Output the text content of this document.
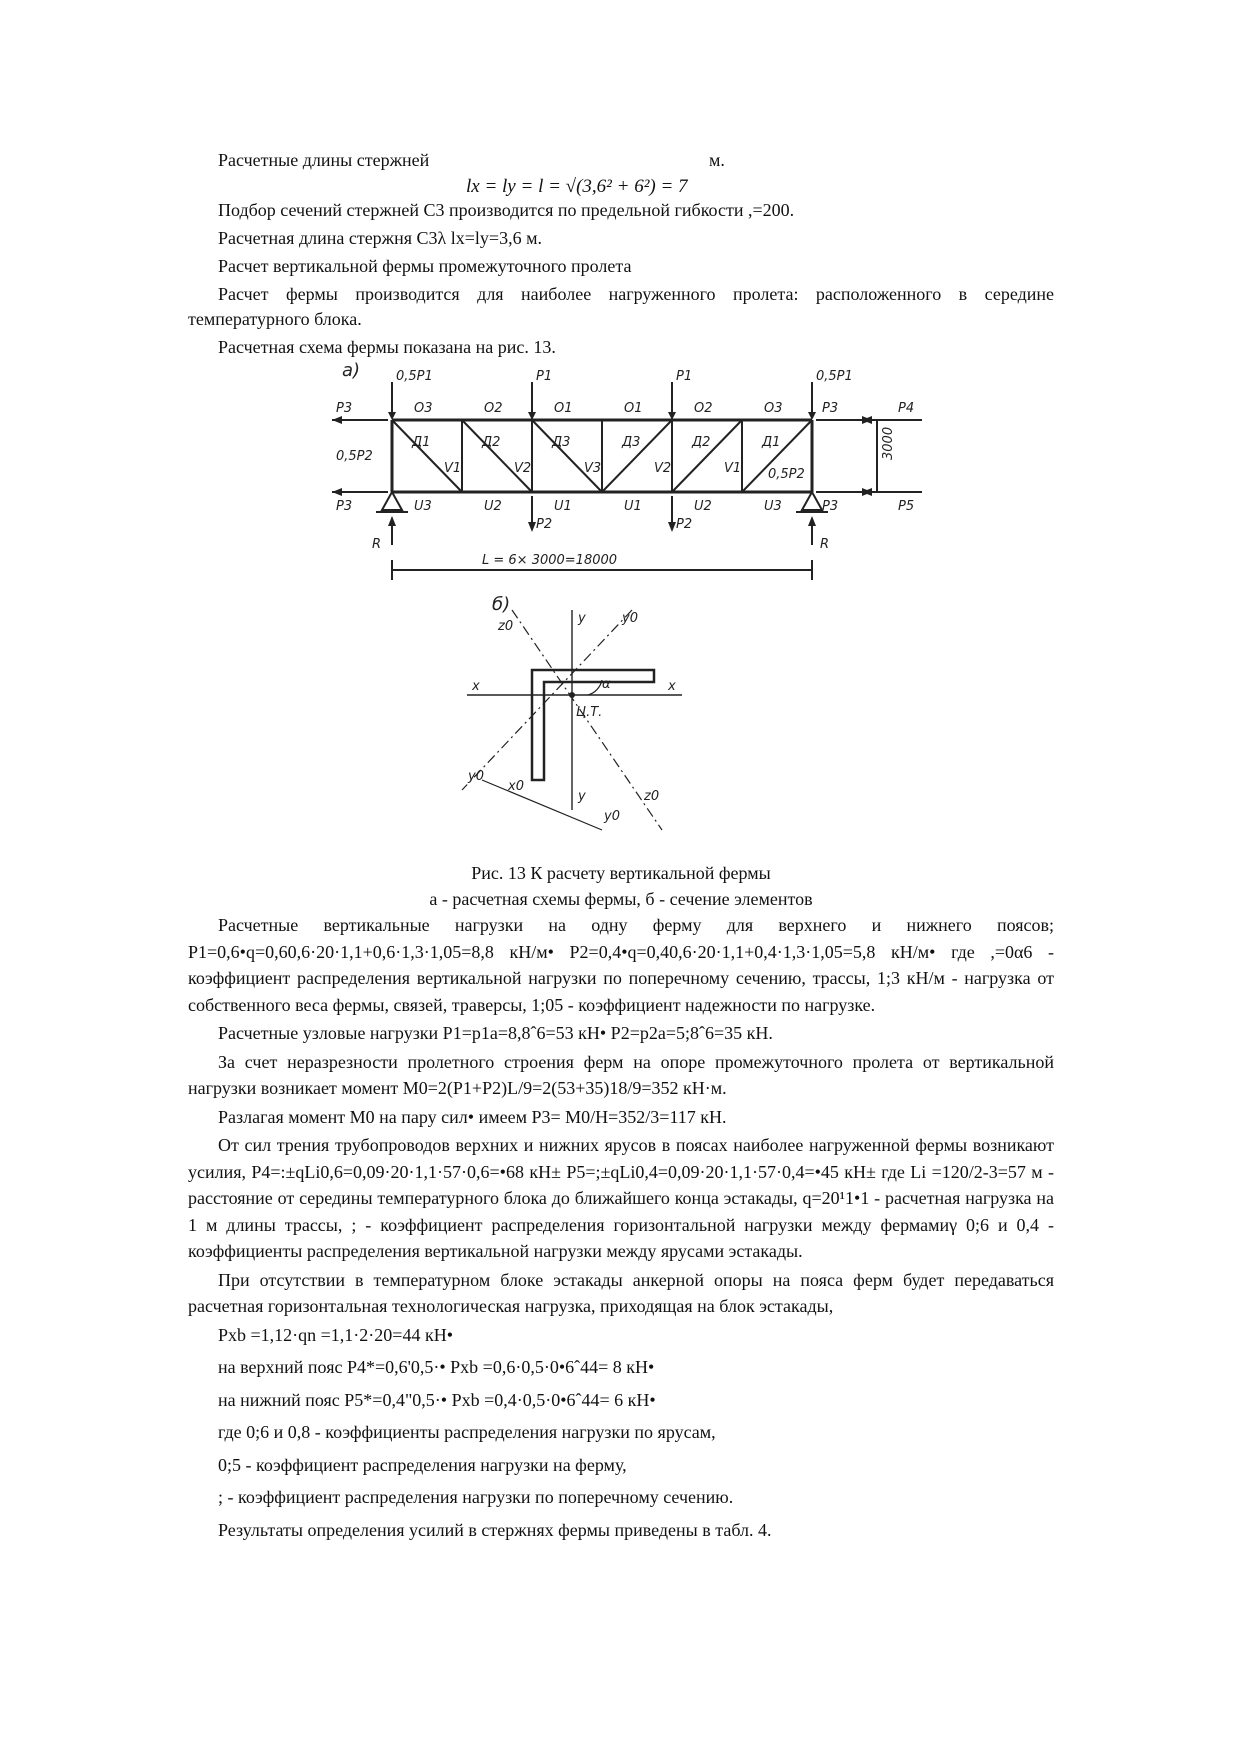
Расчетные длины стержней	м.
lx = ly = l = √(3,6² + 6²) = 7

Подбор сечений стержней C3 производится по предельной гибкости ,=200.

Расчетная длина стержня C3λ lx=ly=3,6 м.

Расчет вертикальной фермы промежуточного пролета

Расчет фермы производится для наиболее нагруженного пролета: расположенного в середине температурного блока.

Расчетная схема фермы показана на рис. 13.

а)	0,5P1	P1	P1	0,5P1
O3	O2	O1	O1	O2	O3
U3	U2	U1	U1	U2	U3
Д1	Д2	Д3	Д3	Д2	Д1
V1	V2	V3	V2	V1
P3
P3
0,5P2
0,5P2
P3
P3
P4
P5
3000
P2	P2
R	R
L = 6× 3000=18000
б)
y
y
y0
y0
x	x
z0
z0
x0
y0
α
Ц.Т.
Рис. 13 К расчету вертикальной фермы
а - расчетная схемы фермы, б - сечение элементов

Расчетные вертикальные нагрузки на одну ферму для верхнего и нижнего поясов; P1=0,6•q=0,60,6·20·1,1+0,6·1,3·1,05=8,8 кН/м• P2=0,4•q=0,40,6·20·1,1+0,4·1,3·1,05=5,8 кН/м• где ,=0α6 - коэффициент распределения вертикальной нагрузки по поперечному сечению, трассы, 1;3 кН/м - нагрузка от собственного веса фермы, связей, траверсы, 1;05 - коэффициент надежности по нагрузке.

Расчетные узловые нагрузки P1=p1a=8,8ˆ6=53 кН• P2=p2a=5;8ˆ6=35 кН.

За счет неразрезности пролетного строения ферм на опоре промежуточного пролета от вертикальной нагрузки возникает момент M0=2(P1+P2)L/9=2(53+35)18/9=352 кН·м.

Разлагая момент M0 на пару сил• имеем P3= M0/H=352/3=117 кН.

От сил трения трубопроводов верхних и нижних ярусов в поясах наиболее нагруженной фермы возникают усилия, P4=:±qLi0,6=0,09·20·1,1·57·0,6=•68 кН± P5=;±qLi0,4=0,09·20·1,1·57·0,4=•45 кН± где Li =120/2-3=57 м - расстояние от середины температурного блока до ближайшего конца эстакады, q=20¹1•1 - расчетная нагрузка на 1 м длины трассы, ; - коэффициент распределения горизонтальной нагрузки между фермамиγ 0;6 и 0,4 - коэффициенты распределения вертикальной нагрузки между ярусами эстакады.

При отсутствии в температурном блоке эстакады анкерной опоры на пояса ферм будет передаваться расчетная горизонтальная технологическая нагрузка, приходящая на блок эстакады,

Pxb =1,12·qn =1,1·2·20=44 кН•

на верхний пояс P4*=0,6'0,5·• Pxb =0,6·0,5·0•6ˆ44= 8 кН•

на нижний пояс P5*=0,4"0,5·• Pxb =0,4·0,5·0•6ˆ44= 6 кН•

где 0;6 и 0,8 - коэффициенты распределения нагрузки по ярусам,

0;5 - коэффициент распределения нагрузки на ферму,

; - коэффициент распределения нагрузки по поперечному сечению.

Результаты определения усилий в стержнях фермы приведены в табл. 4.
